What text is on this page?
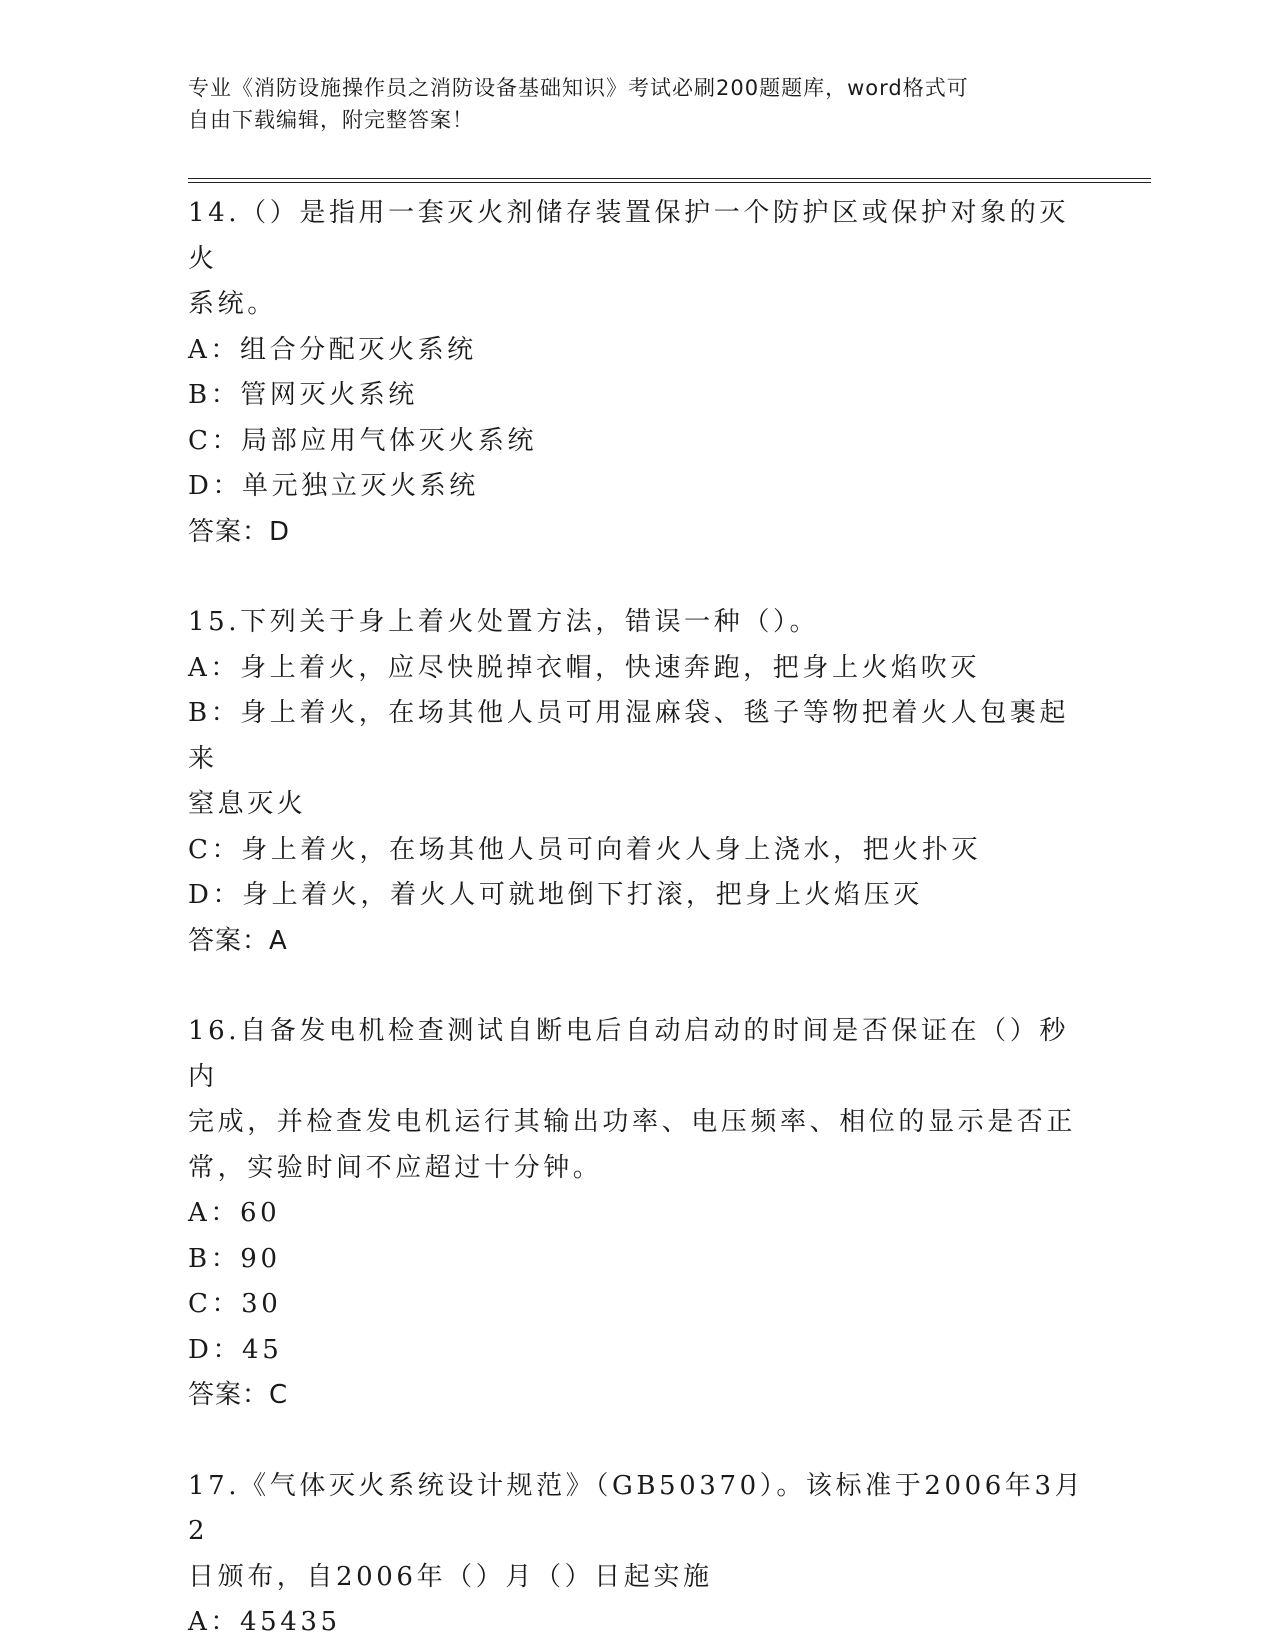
专业《消防设施操作员之消防设备基础知识》考试必刷200题题库，word格式可
自由下载编辑，附完整答案！

14.（）是指用一套灭火剂储存装置保护一个防护区或保护对象的灭火

系统。

A：组合分配灭火系统

B：管网灭火系统

C：局部应用气体灭火系统

D：单元独立灭火系统

答案：D

15.下列关于身上着火处置方法，错误一种（）。

A：身上着火，应尽快脱掉衣帽，快速奔跑，把身上火焰吹灭

B：身上着火，在场其他人员可用湿麻袋、毯子等物把着火人包裹起来

窒息灭火

C：身上着火，在场其他人员可向着火人身上浇水，把火扑灭

D：身上着火，着火人可就地倒下打滚，把身上火焰压灭

答案：A

16.自备发电机检查测试自断电后自动启动的时间是否保证在（）秒内

完成，并检查发电机运行其输出功率、电压频率、相位的显示是否正

常，实验时间不应超过十分钟。

A：60

B：90

C：30

D：45

答案：C

17.《气体灭火系统设计规范》（GB50370）。该标准于2006年3月2

日颁布，自2006年（）月（）日起实施

A：45435
